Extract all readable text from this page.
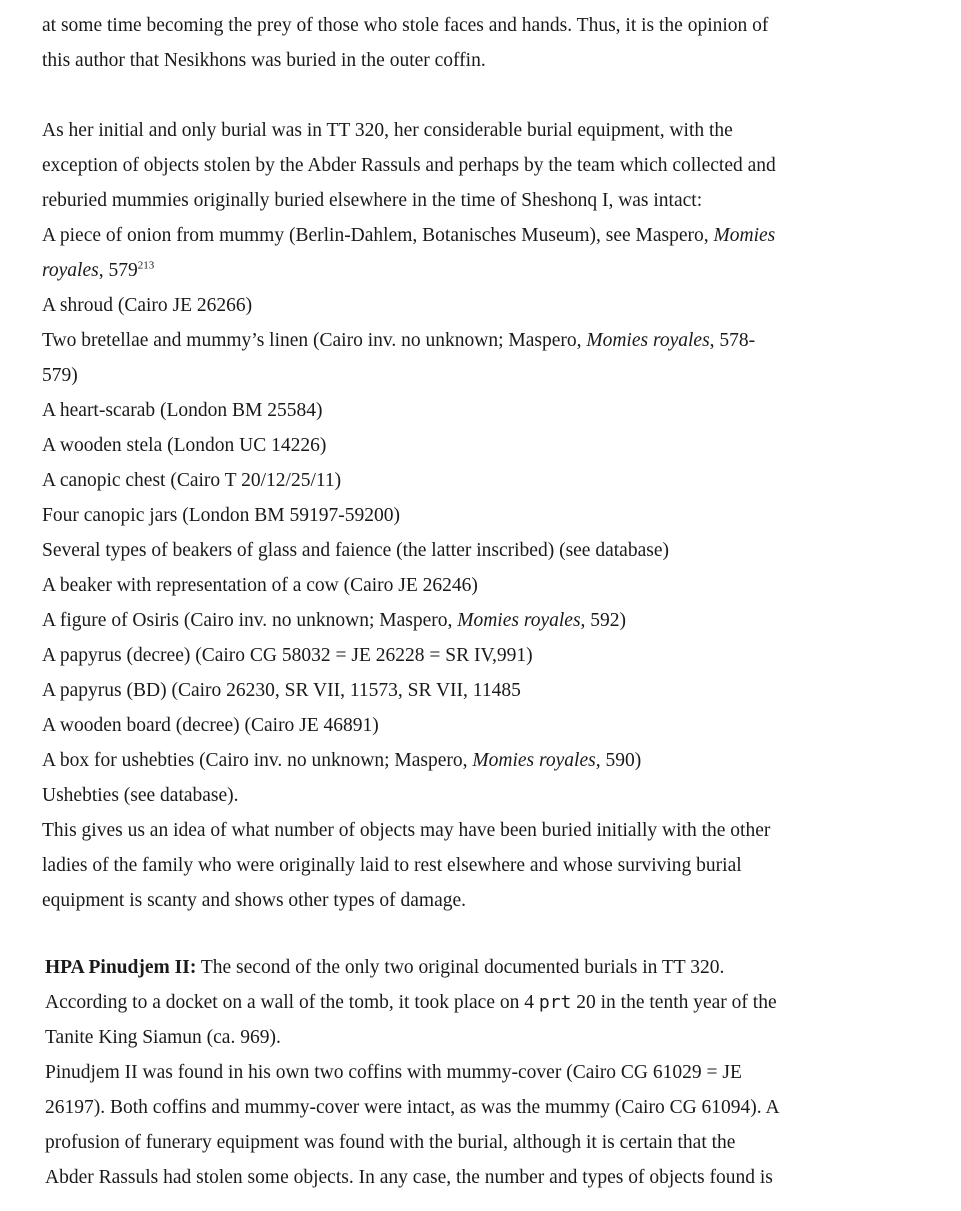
at some time becoming the prey of those who stole faces and hands. Thus, it is the opinion of
this author that Nesikhons was buried in the outer coffin.
As her initial and only burial was in TT 320, her considerable burial equipment, with the
exception of objects stolen by the Abder Rassuls and perhaps by the team which collected and
reburied mummies originally buried elsewhere in the time of Sheshonq I, was intact:
A piece of onion from mummy (Berlin-Dahlem, Botanisches Museum), see Maspero, Momies
royales, $579^{213}$
A shroud (Cairo JE 26266)
Two bretellae and mummy’s linen (Cairo inv. no unknown; Maspero, Momies royales, 578-
579)
A heart-scarab (London BM 25584)
A wooden stela (London UC 14226)
A canopic chest (Cairo T 20/12/25/11)
Four canopic jars (London BM 59197-59200)
Several types of beakers of glass and faience (the latter inscribed) (see database)
A beaker with representation of a cow (Cairo JE 26246)
A figure of Osiris (Cairo inv. no unknown; Maspero, Momies royales, 592)
A papyrus (decree) (Cairo CG 58032 = JE 26228 = SR IV,991)
A papyrus (BD) (Cairo 26230, SR VII, 11573, SR VII, 11485
A wooden board (decree) (Cairo JE 46891)
A box for ushebties (Cairo inv. no unknown; Maspero, Momies royales, 590)
Ushebties (see database).
This gives us an idea of what number of objects may have been buried initially with the other
ladies of the family who were originally laid to rest elsewhere and whose surviving burial
equipment is scanty and shows other types of damage.
HPA Pinudjem II: The second of the only two original documented burials in TT 320.
According to a docket on a wall of the tomb, it took place on 4 prt 20 in the tenth year of the
Tanite King Siamun (ca. 969).
Pinudjem II was found in his own two coffins with mummy-cover (Cairo CG 61029 = JE
26197). Both coffins and mummy-cover were intact, as was the mummy (Cairo CG 61094). A
profusion of funerary equipment was found with the burial, although it is certain that the
Abder Rassuls had stolen some objects. In any case, the number and types of objects found is
